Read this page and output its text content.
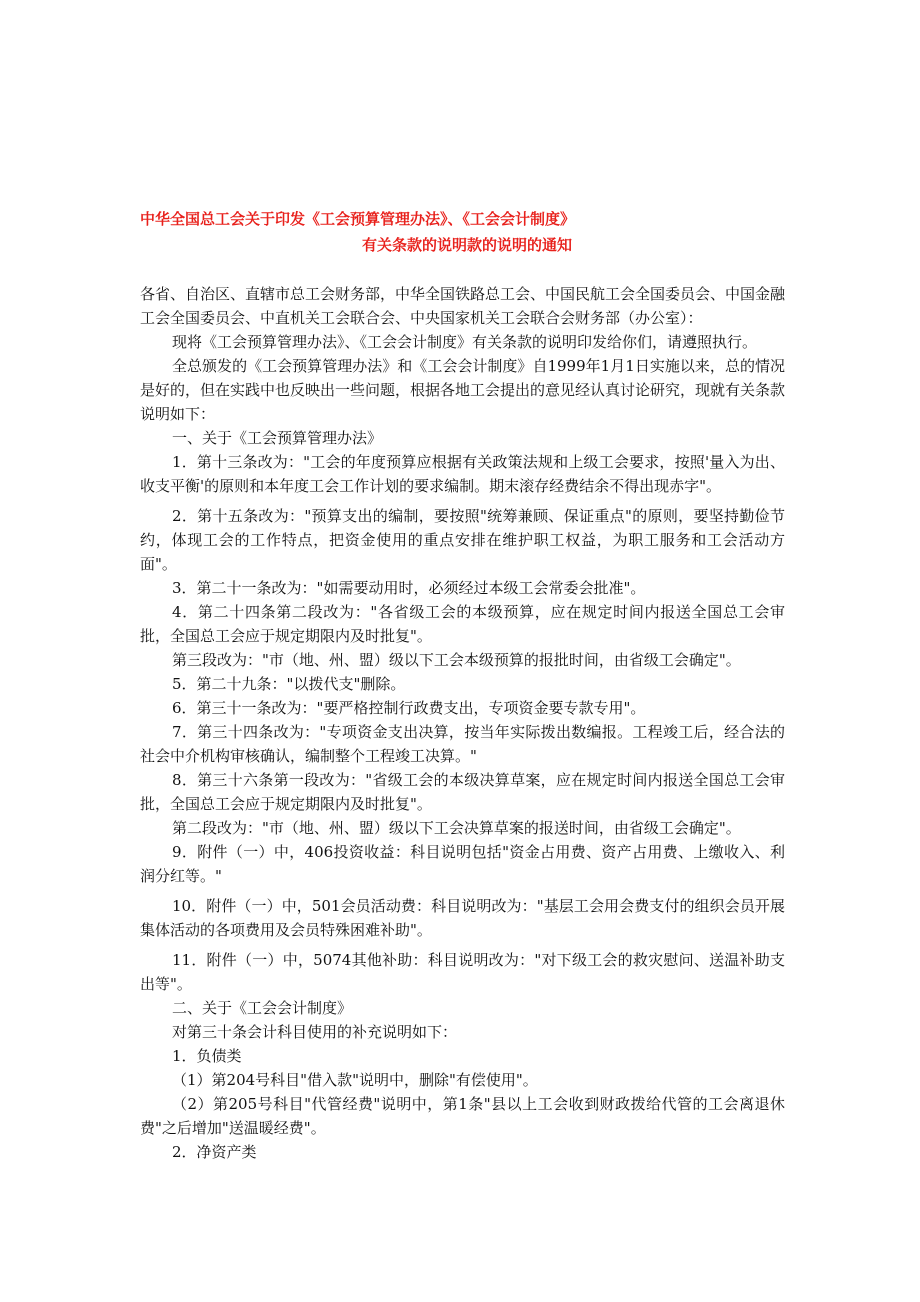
中华全国总工会关于印发《工会预算管理办法》、《工会会计制度》
有关条款的说明款的说明的通知

各省、自治区、直辖市总工会财务部，中华全国铁路总工会、中国民航工会全国委员会、中国金融工会全国委员会、中直机关工会联合会、中央国家机关工会联合会财务部（办公室）：

现将《工会预算管理办法》、《工会会计制度》有关条款的说明印发给你们，请遵照执行。

全总颁发的《工会预算管理办法》和《工会会计制度》自1999年1月1日实施以来，总的情况是好的，但在实践中也反映出一些问题，根据各地工会提出的意见经认真讨论研究，现就有关条款说明如下：

一、关于《工会预算管理办法》

1．第十三条改为："工会的年度预算应根据有关政策法规和上级工会要求，按照'量入为出、收支平衡'的原则和本年度工会工作计划的要求编制。期末滚存经费结余不得出现赤字"。

2．第十五条改为："预算支出的编制，要按照"统筹兼顾、保证重点"的原则，要坚持勤俭节约，体现工会的工作特点，把资金使用的重点安排在维护职工权益，为职工服务和工会活动方面"。

3．第二十一条改为："如需要动用时，必须经过本级工会常委会批准"。

4．第二十四条第二段改为："各省级工会的本级预算，应在规定时间内报送全国总工会审批，全国总工会应于规定期限内及时批复"。

第三段改为："市（地、州、盟）级以下工会本级预算的报批时间，由省级工会确定"。

5．第二十九条："以拨代支"删除。

6．第三十一条改为："要严格控制行政费支出，专项资金要专款专用"。

7．第三十四条改为："专项资金支出决算，按当年实际拨出数编报。工程竣工后，经合法的社会中介机构审核确认，编制整个工程竣工决算。"

8．第三十六条第一段改为："省级工会的本级决算草案，应在规定时间内报送全国总工会审批，全国总工会应于规定期限内及时批复"。

第二段改为："市（地、州、盟）级以下工会决算草案的报送时间，由省级工会确定"。

9．附件（一）中，406投资收益：科目说明包括"资金占用费、资产占用费、上缴收入、利润分红等。"

10．附件（一）中，501会员活动费：科目说明改为："基层工会用会费支付的组织会员开展集体活动的各项费用及会员特殊困难补助"。

11．附件（一）中，5074其他补助：科目说明改为："对下级工会的救灾慰问、送温补助支出等"。

二、关于《工会会计制度》

对第三十条会计科目使用的补充说明如下：

1．负债类

（1）第204号科目"借入款"说明中，删除"有偿使用"。

（2）第205号科目"代管经费"说明中，第1条"县以上工会收到财政拨给代管的工会离退休费"之后增加"送温暖经费"。

2．净资产类
